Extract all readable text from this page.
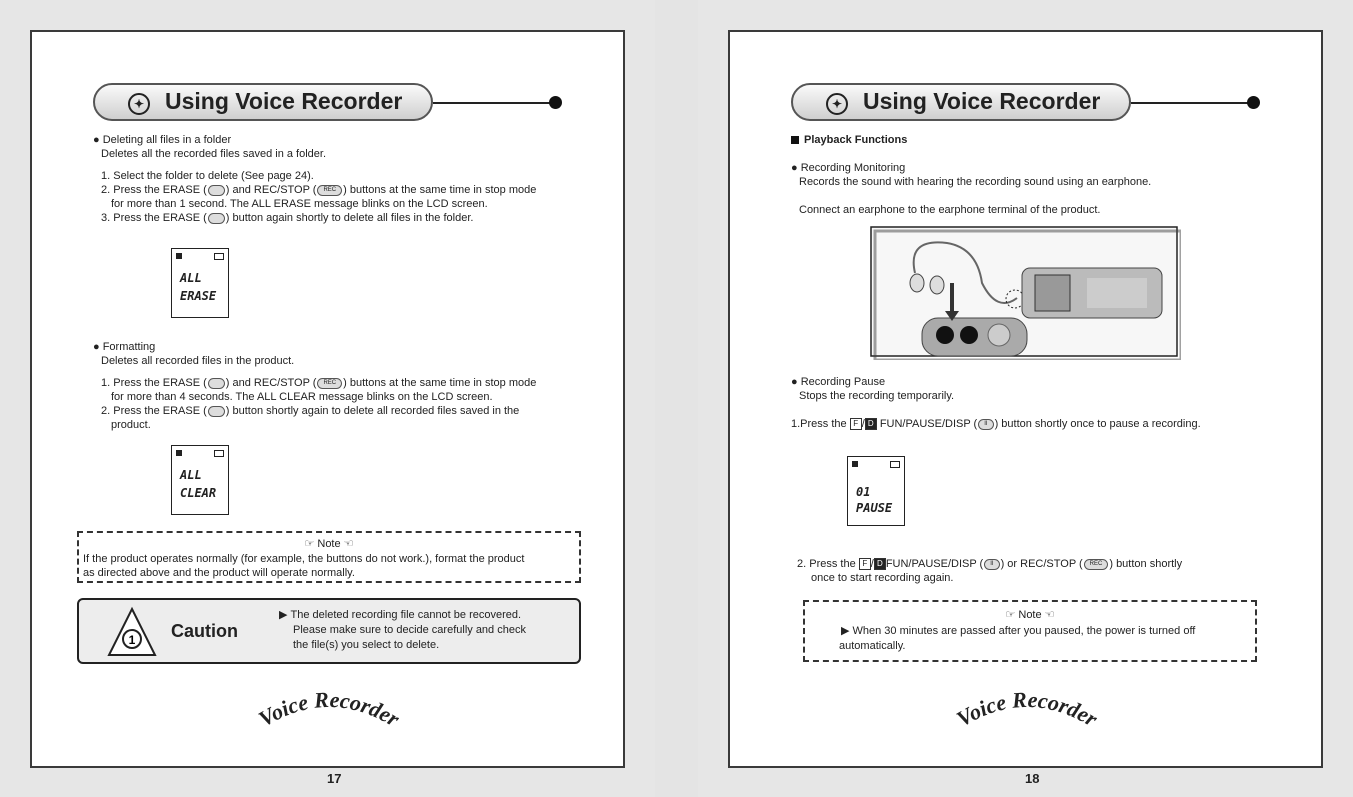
✦ Using Voice Recorder
● Deleting all files in a folder
Deletes all the recorded files saved in a folder.
1. Select the folder to delete (See page 24).
2. Press the ERASE ( ) and REC/STOP ( REC ) buttons at the same time in stop mode
for more than 1 second. The ALL ERASE message blinks on the LCD screen.
3. Press the ERASE ( ) button again shortly to delete all files in the folder.
ALL
ERASE
● Formatting
Deletes all recorded files in the product.
1. Press the ERASE ( ) and REC/STOP ( REC ) buttons at the same time in stop mode
for more than 4 seconds. The ALL CLEAR message blinks on the LCD screen.
2. Press the ERASE ( ) button shortly again to delete all recorded files saved in the
product.
ALL
CLEAR
☞ Note ☜
If the product operates normally (for example, the buttons do not work.), format the product
as directed above and the product will operate normally.
1 Caution
▶ The deleted recording file cannot be recovered.
Please make sure to decide carefully and check
the file(s) you select to delete.
Voice Recorder
17
✦ Using Voice Recorder
Playback Functions
● Recording Monitoring
Records the sound with hearing the recording sound using an earphone.
Connect an earphone to the earphone terminal of the product.
● Recording Pause
Stops the recording temporarily.
1.Press the F / D FUN/PAUSE/DISP ( II ) button shortly once to pause a recording.
01
PAUSE
2. Press the F / D FUN/PAUSE/DISP ( II ) or REC/STOP ( REC ) button shortly
once to start recording again.
☞ Note ☜
▶ When 30 minutes are passed after you paused, the power is turned off
automatically.
Voice Recorder
18
